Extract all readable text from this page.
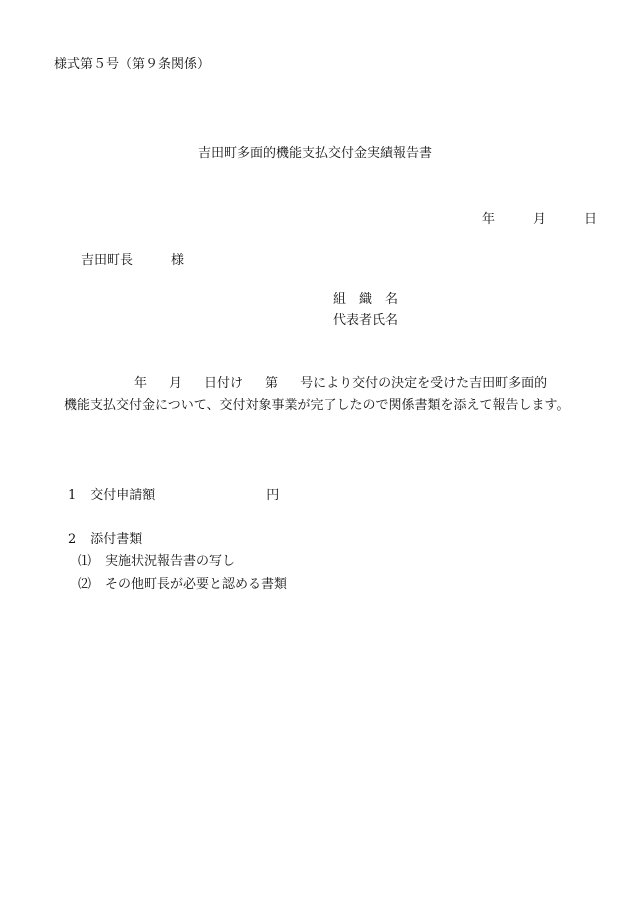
様式第５号（第９条関係）
吉田町多面的機能支払交付金実績報告書
年	月	日
吉田町長	様
組　織　名
代表者氏名
年 月 日付け 第 号により交付の決定を受けた吉田町多面的
機能支払交付金について、交付対象事業が完了したので関係書類を添えて報告します。
1 交付申請額	円
2 添付書類
⑴ 実施状況報告書の写し
⑵ その他町長が必要と認める書類
